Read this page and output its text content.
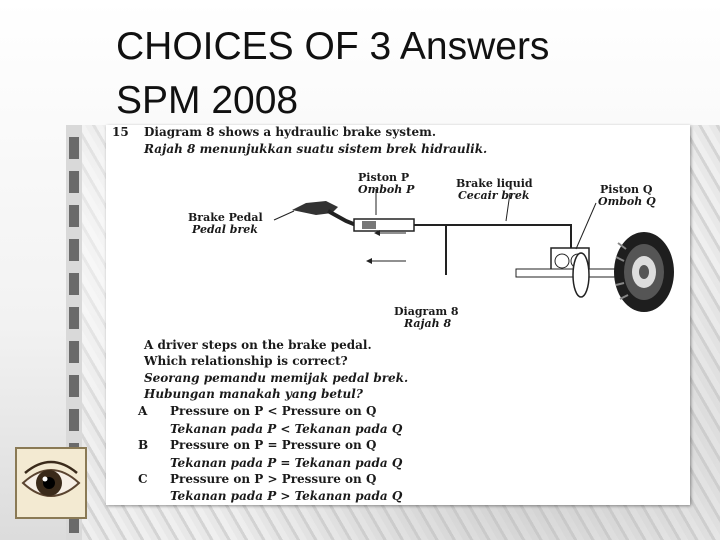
CHOICES OF 3 Answers
SPM 2008
15 Diagram 8 shows a hydraulic brake system.
Rajah 8 menunjukkan suatu sistem brek hidraulik.
Piston P
Omboh P	Brake liquid
Cecair brek	Piston Q
Omboh Q
Brake Pedal
Pedal brek
Diagram 8
Rajah 8
A driver steps on the brake pedal.
Which relationship is correct?
Seorang pemandu memijak pedal brek.
Hubungan manakah yang betul?
A Pressure on P < Pressure on Q
Tekanan pada P < Tekanan pada Q
B Pressure on P = Pressure on Q
Tekanan pada P = Tekanan pada Q
C Pressure on P > Pressure on Q
Tekanan pada P > Tekanan pada Q
